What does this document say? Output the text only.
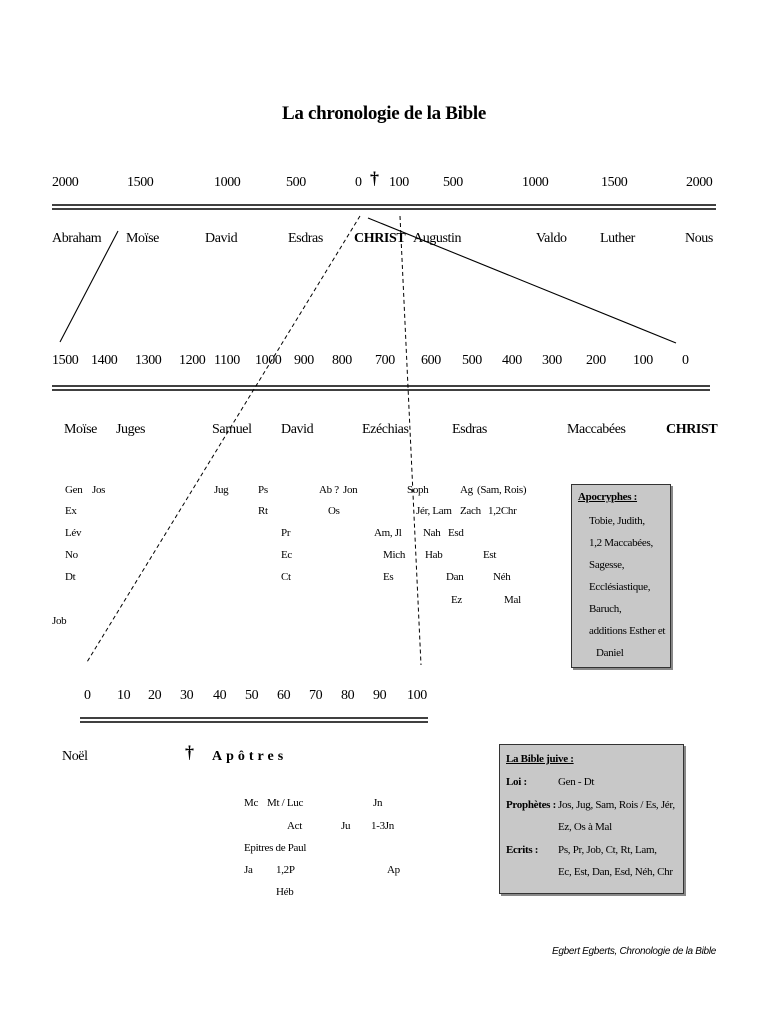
La chronologie de la Bible
2000	1500	1000	500	0 † 100 500	1000	1500	2000
Abraham Moïse	David	Esdras CHRIST Augustin	Valdo Luther	Nous
1500 1400 1300 1200 1100 1000 900 800 700 600 500 400 300 200 100 0
Moïse Juges	Samuel David	Ezéchias	Esdras	Maccabées	CHRIST
Gen Jos
Ex
Lév
No
Dt
Job
Jug	Ps
Rt
Pr
Ec
Ct
Ab ? Jon
Os
Am, Jl
Mich
Es
Soph
Jér, Lam
Nah Esd
Hab
Dan
Ez
Ag (Sam, Rois)
Zach 1,2Chr
Est
Néh
Mal
Apocryphes :
Tobie, Judith,
1,2 Maccabées,
Sagesse,
Ecclésiastique,
Baruch,
additions Esther et
Daniel
0 10 20 30 40 50 60 70 80 90 100
Noël	† Apôtres
Mc Mt / Luc	Jn
Act	Ju 1-3Jn
Epitres de Paul
Ja 1,2P	Ap
Héb
La Bible juive :
Loi :	Gen - Dt
Prophètes : Jos, Jug, Sam, Rois / Es, Jér,
Ez, Os à Mal
Ecrits : Ps, Pr, Job, Ct, Rt, Lam,
Ec, Est, Dan, Esd, Néh, Chr
Egbert Egberts, Chronologie de la Bible
